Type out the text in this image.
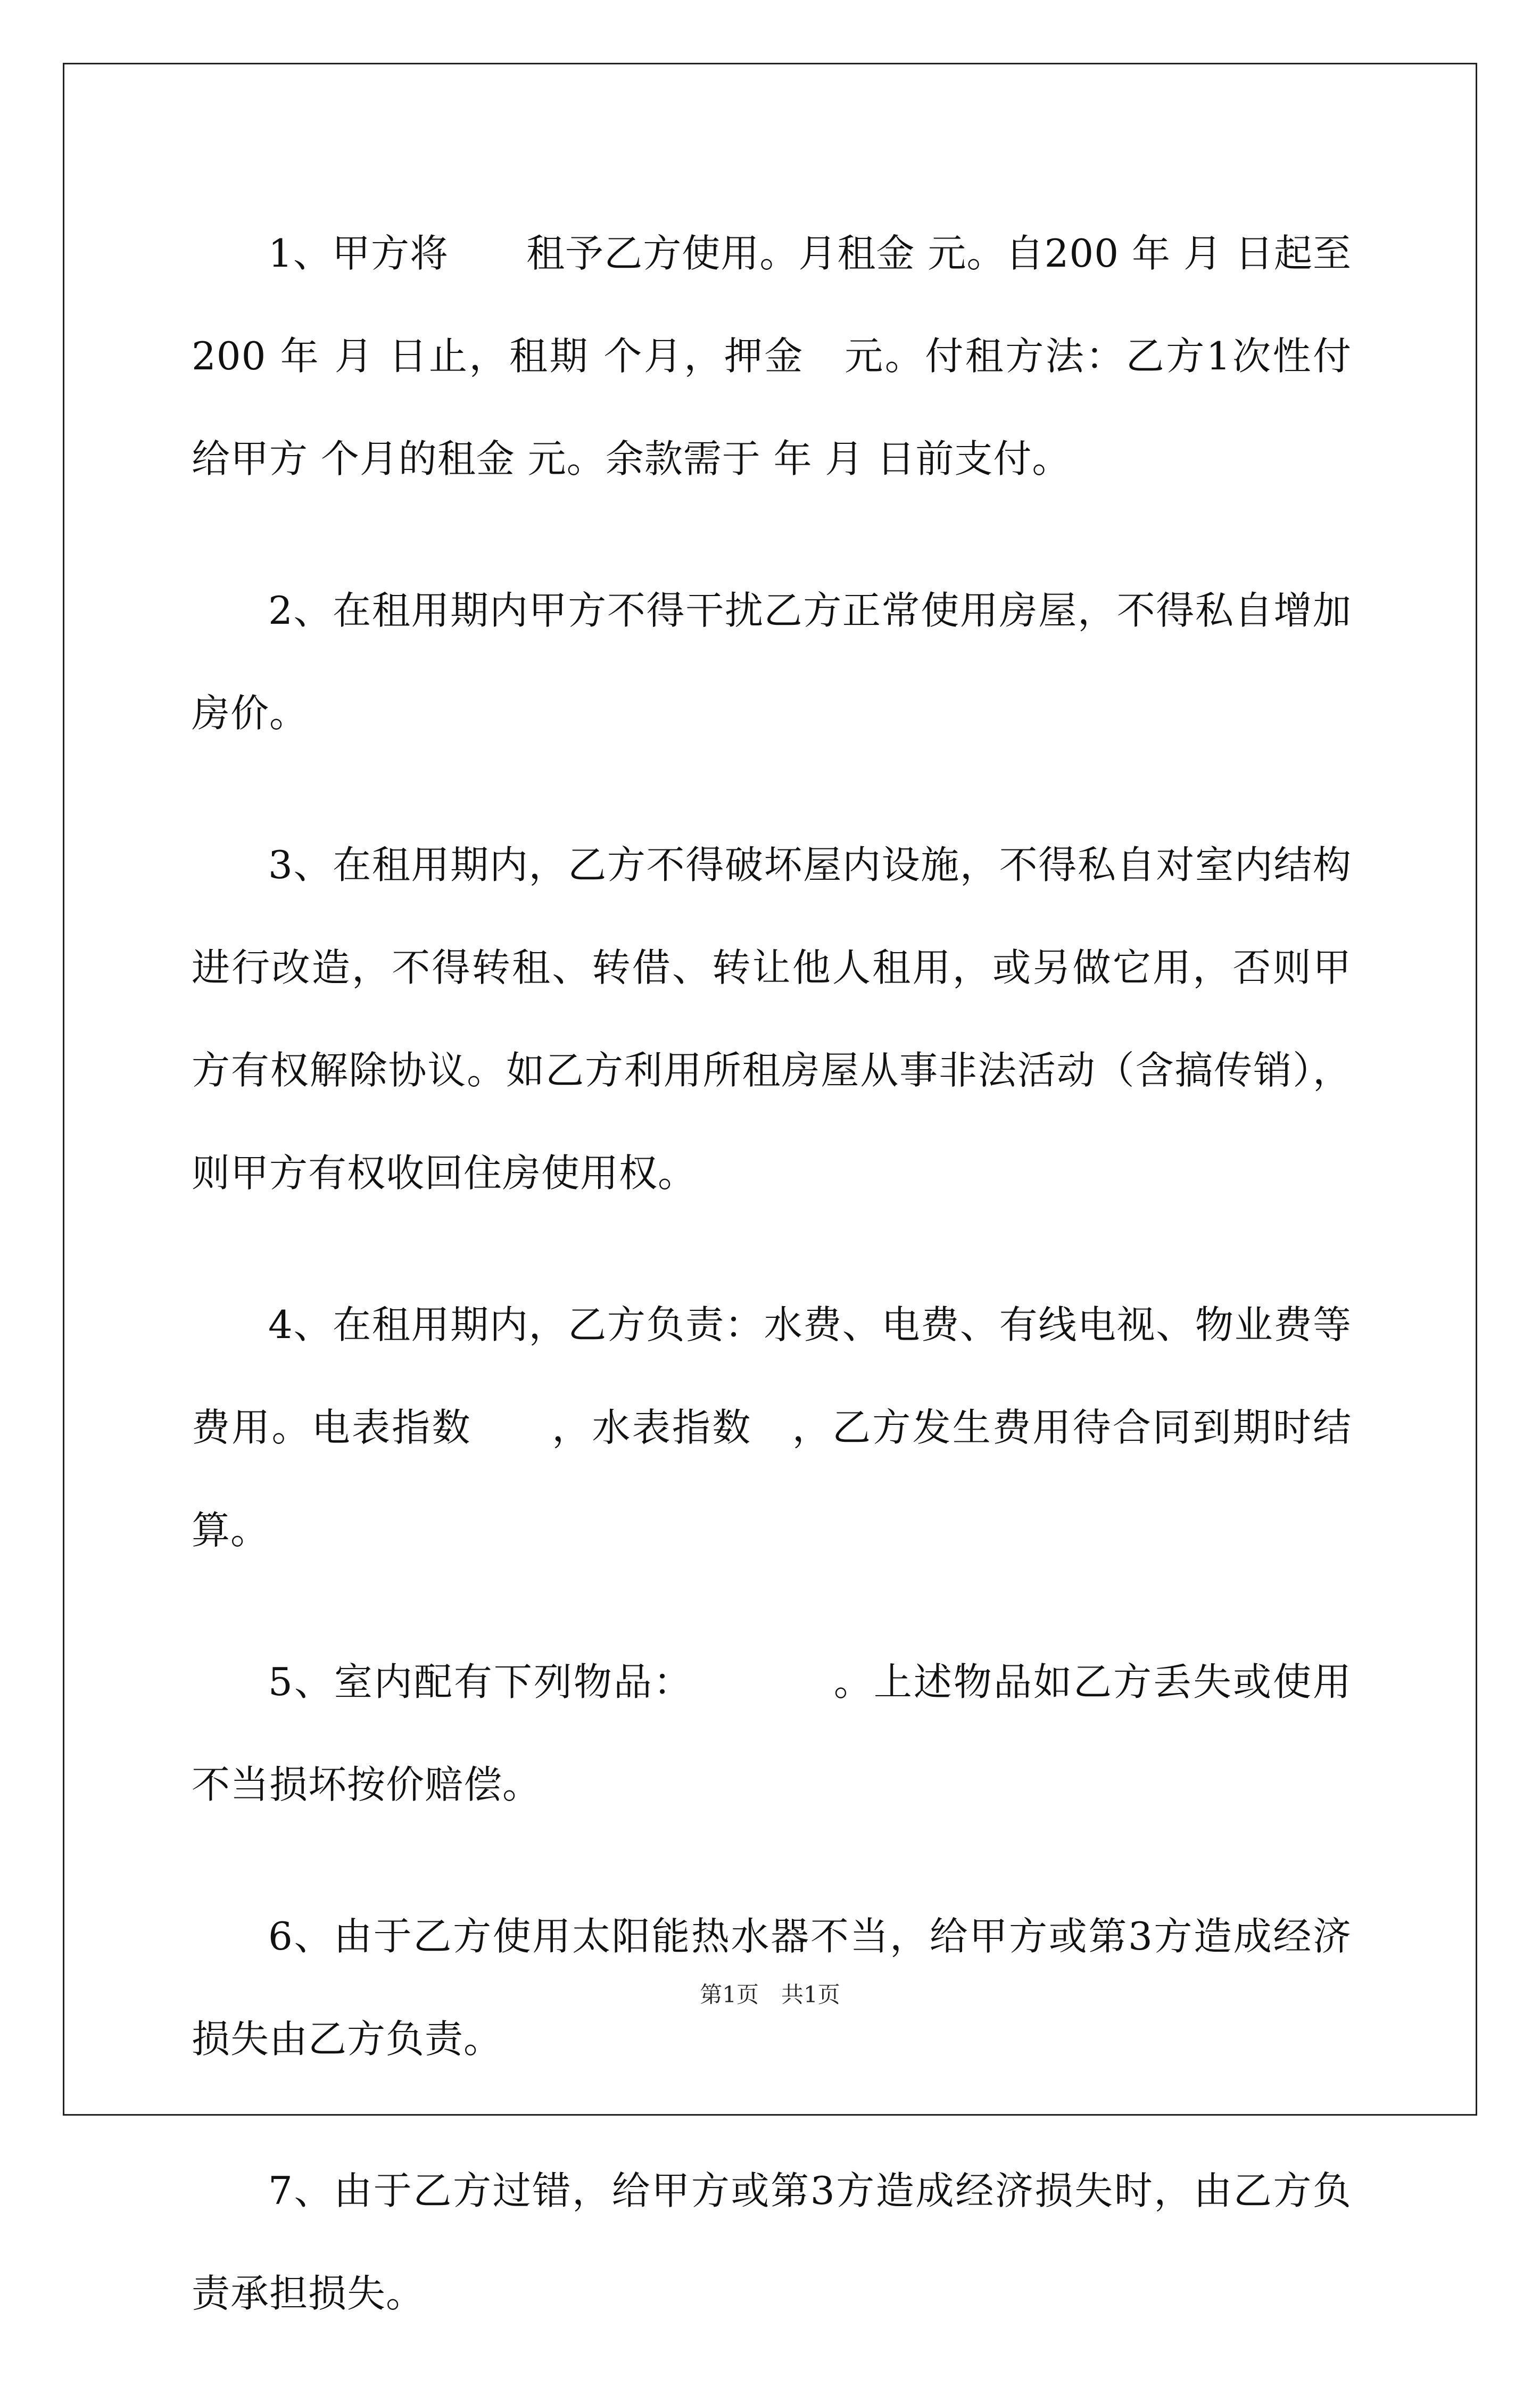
1、甲方将　　租予乙方使用。月租金 元。自200 年 月 日起至200 年 月 日止，租期 个月，押金　元。付租方法：乙方1次性付给甲方 个月的租金 元。余款需于 年 月 日前支付。

2、在租用期内甲方不得干扰乙方正常使用房屋，不得私自增加房价。

3、在租用期内，乙方不得破坏屋内设施，不得私自对室内结构进行改造，不得转租、转借、转让他人租用，或另做它用，否则甲方有权解除协议。如乙方利用所租房屋从事非法活动（含搞传销），则甲方有权收回住房使用权。

4、在租用期内，乙方负责：水费、电费、有线电视、物业费等费用。电表指数　　，水表指数　，乙方发生费用待合同到期时结算。

5、室内配有下列物品：　　　　。上述物品如乙方丢失或使用不当损坏按价赔偿。

6、由于乙方使用太阳能热水器不当，给甲方或第3方造成经济损失由乙方负责。

7、由于乙方过错，给甲方或第3方造成经济损失时，由乙方负责承担损失。

第1页　共1页
